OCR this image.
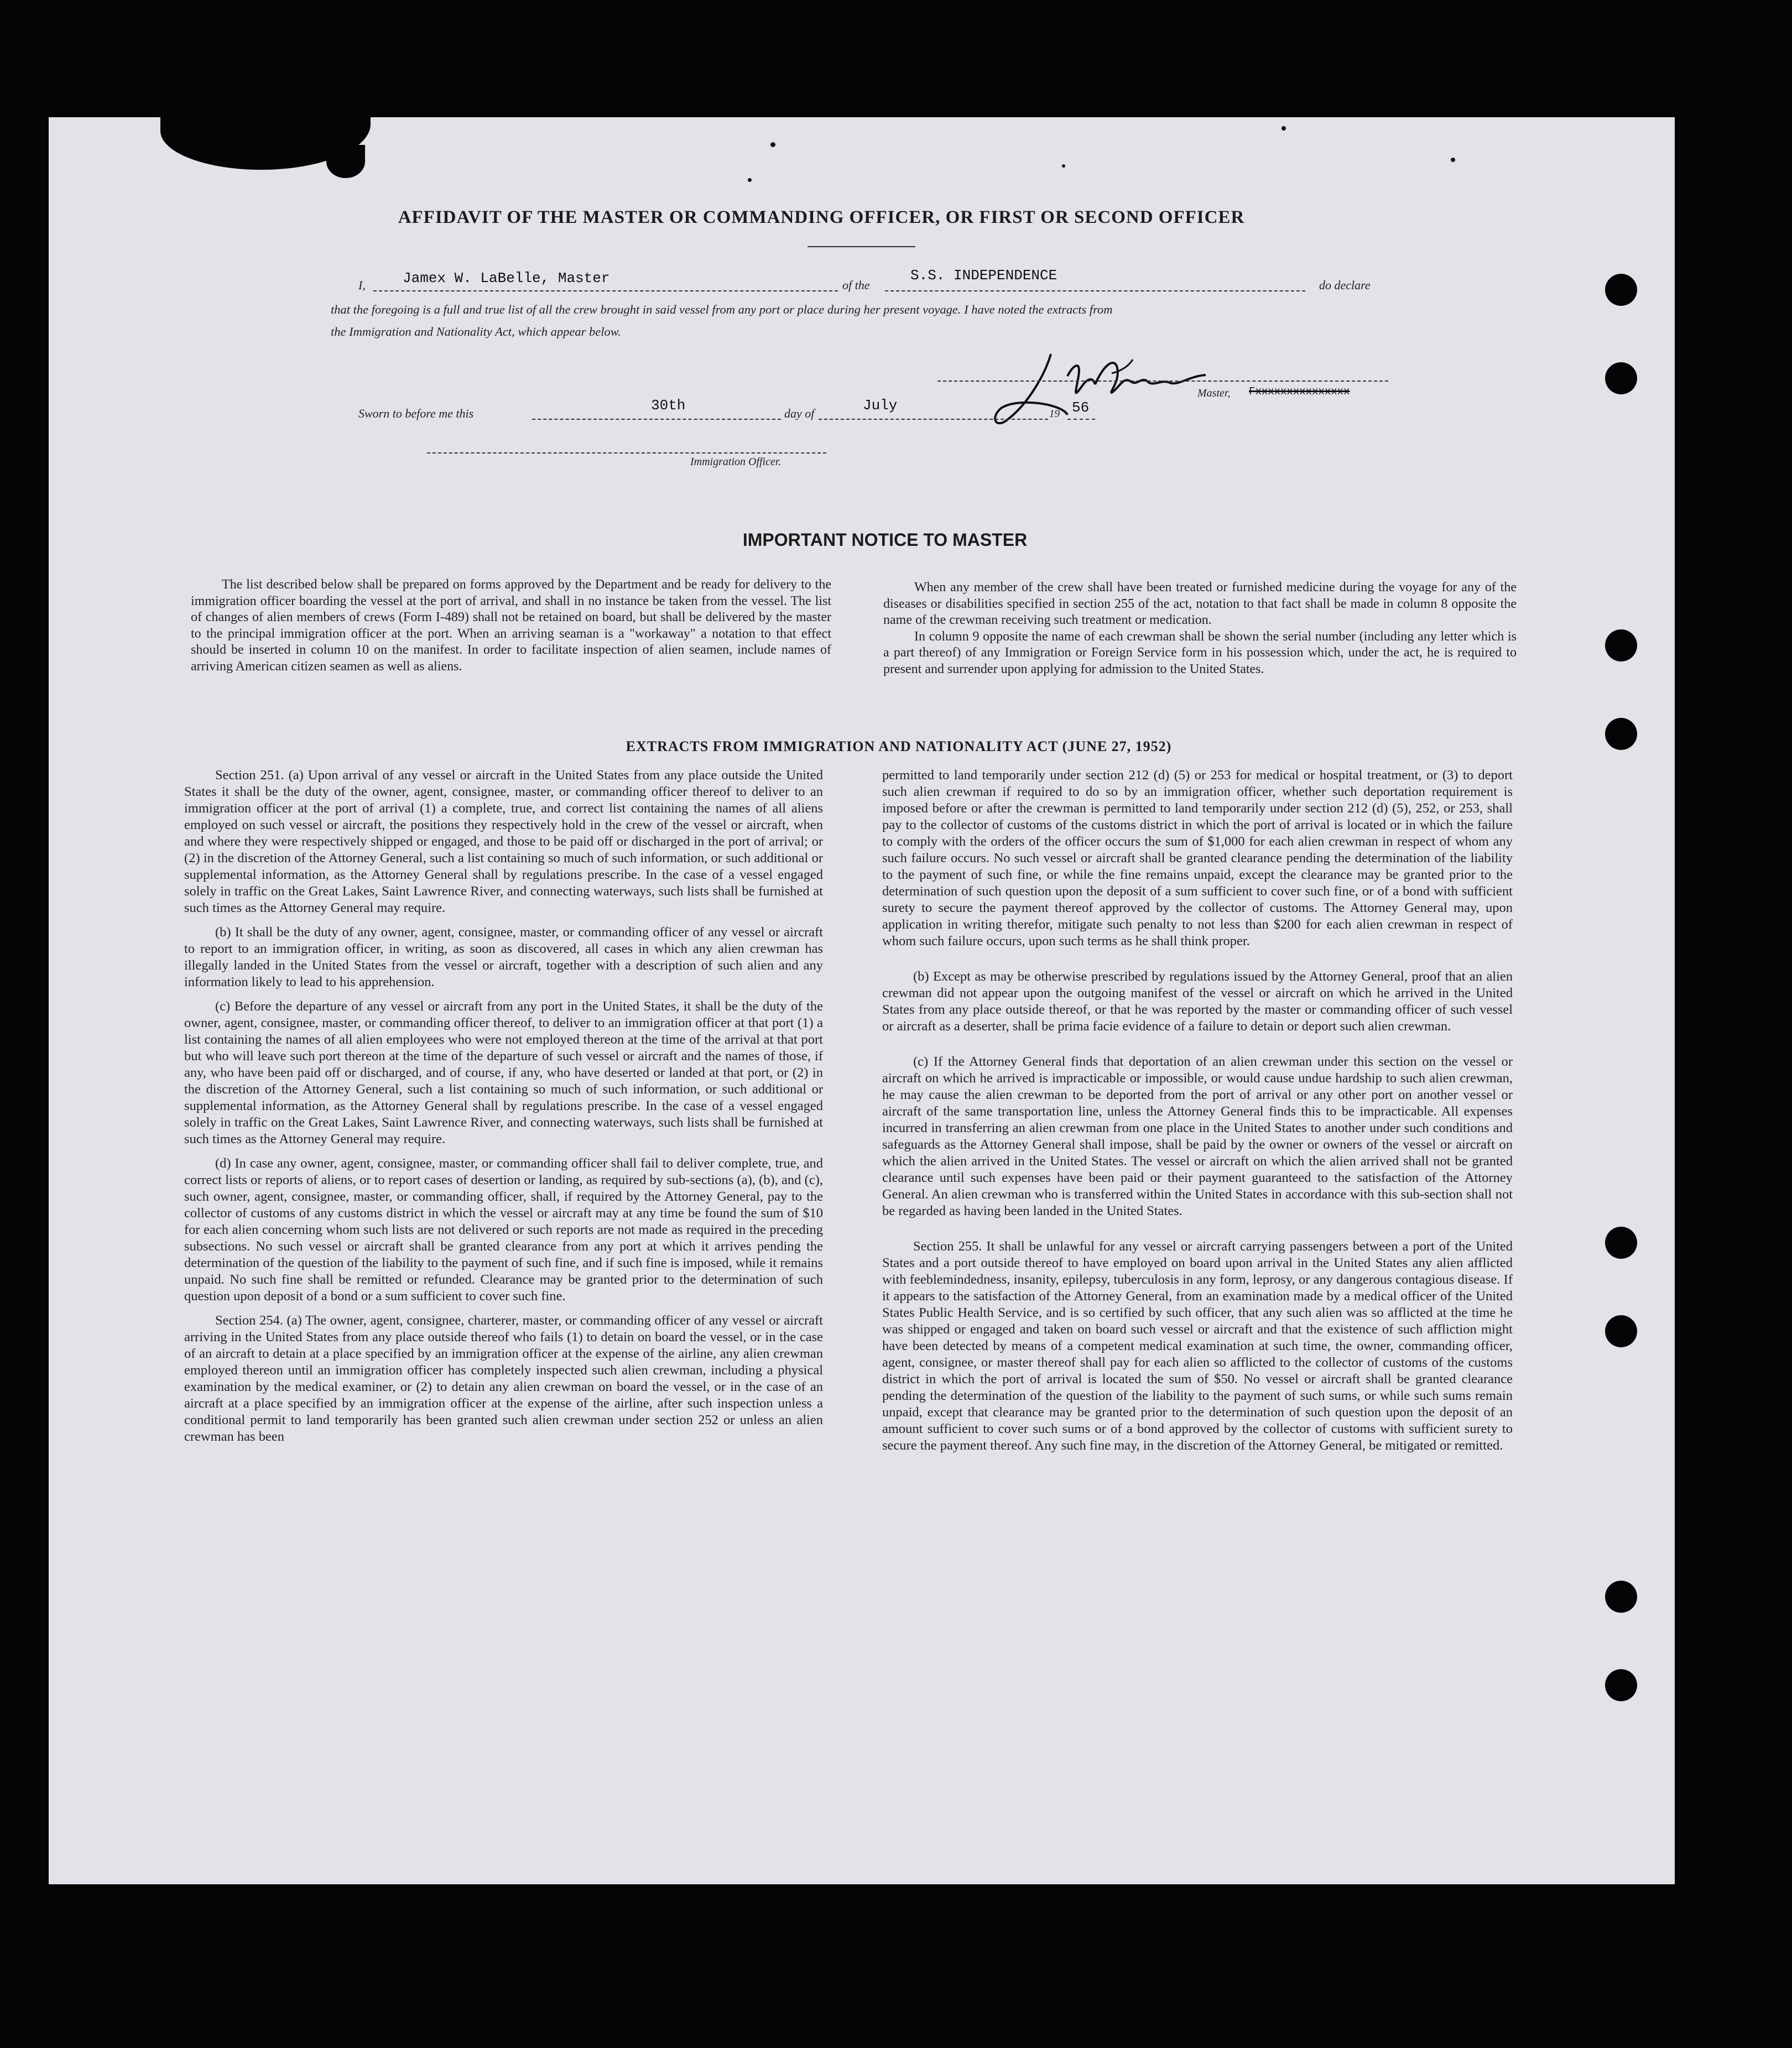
AFFIDAVIT OF THE MASTER OR COMMANDING OFFICER, OR FIRST OR SECOND OFFICER
I,	Jamex W. LaBelle, Master	of the
S.S. INDEPENDENCE
do declare
that the foregoing is a full and true list of all the crew brought in said vessel from any port or place during her present voyage. I have noted the extracts from
the Immigration and Nationality Act, which appear below.
Master, Fxxxxxxxxxxxxxxx
Sworn to before me this	30th	day of	July
19 56
Immigration Officer.
IMPORTANT NOTICE TO MASTER

The list described below shall be prepared on forms approved by the Department and be ready for delivery to the immigration officer boarding the vessel at the port of arrival, and shall in no instance be taken from the vessel. The list of changes of alien members of crews (Form I-489) shall not be retained on board, but shall be delivered by the master to the principal immigration officer at the port. When an arriving seaman is a "workaway" a notation to that effect should be inserted in column 10 on the manifest. In order to facilitate inspection of alien seamen, include names of arriving American citizen seamen as well as aliens.

When any member of the crew shall have been treated or furnished medicine during the voyage for any of the diseases or disabilities specified in section 255 of the act, notation to that fact shall be made in column 8 opposite the name of the crewman receiving such treatment or medication.

In column 9 opposite the name of each crewman shall be shown the serial number (including any letter which is a part thereof) of any Immigration or Foreign Service form in his possession which, under the act, he is required to present and surrender upon applying for admission to the United States.

EXTRACTS FROM IMMIGRATION AND NATIONALITY ACT (JUNE 27, 1952)

Section 251. (a) Upon arrival of any vessel or aircraft in the United States from any place outside the United States it shall be the duty of the owner, agent, consignee, master, or commanding officer thereof to deliver to an immigration officer at the port of arrival (1) a complete, true, and correct list containing the names of all aliens employed on such vessel or aircraft, the positions they respectively hold in the crew of the vessel or aircraft, when and where they were respectively shipped or engaged, and those to be paid off or discharged in the port of arrival; or (2) in the discretion of the Attorney General, such a list containing so much of such information, or such additional or supplemental information, as the Attorney General shall by regulations prescribe. In the case of a vessel engaged solely in traffic on the Great Lakes, Saint Lawrence River, and connecting waterways, such lists shall be furnished at such times as the Attorney General may require.

(b) It shall be the duty of any owner, agent, consignee, master, or commanding officer of any vessel or aircraft to report to an immigration officer, in writing, as soon as discovered, all cases in which any alien crewman has illegally landed in the United States from the vessel or aircraft, together with a description of such alien and any information likely to lead to his apprehension.

(c) Before the departure of any vessel or aircraft from any port in the United States, it shall be the duty of the owner, agent, consignee, master, or commanding officer thereof, to deliver to an immigration officer at that port (1) a list containing the names of all alien employees who were not employed thereon at the time of the arrival at that port but who will leave such port thereon at the time of the departure of such vessel or aircraft and the names of those, if any, who have been paid off or discharged, and of course, if any, who have deserted or landed at that port, or (2) in the discretion of the Attorney General, such a list containing so much of such information, or such additional or supplemental information, as the Attorney General shall by regulations prescribe. In the case of a vessel engaged solely in traffic on the Great Lakes, Saint Lawrence River, and connecting waterways, such lists shall be furnished at such times as the Attorney General may require.

(d) In case any owner, agent, consignee, master, or commanding officer shall fail to deliver complete, true, and correct lists or reports of aliens, or to report cases of desertion or landing, as required by sub-sections (a), (b), and (c), such owner, agent, consignee, master, or commanding officer, shall, if required by the Attorney General, pay to the collector of customs of any customs district in which the vessel or aircraft may at any time be found the sum of $10 for each alien concerning whom such lists are not delivered or such reports are not made as required in the preceding subsections. No such vessel or aircraft shall be granted clearance from any port at which it arrives pending the determination of the question of the liability to the payment of such fine, and if such fine is imposed, while it remains unpaid. No such fine shall be remitted or refunded. Clearance may be granted prior to the determination of such question upon deposit of a bond or a sum sufficient to cover such fine.

Section 254. (a) The owner, agent, consignee, charterer, master, or commanding officer of any vessel or aircraft arriving in the United States from any place outside thereof who fails (1) to detain on board the vessel, or in the case of an aircraft to detain at a place specified by an immigration officer at the expense of the airline, any alien crewman employed thereon until an immigration officer has completely inspected such alien crewman, including a physical examination by the medical examiner, or (2) to detain any alien crewman on board the vessel, or in the case of an aircraft at a place specified by an immigration officer at the expense of the airline, after such inspection unless a conditional permit to land temporarily has been granted such alien crewman under section 252 or unless an alien crewman has been

permitted to land temporarily under section 212 (d) (5) or 253 for medical or hospital treatment, or (3) to deport such alien crewman if required to do so by an immigration officer, whether such deportation requirement is imposed before or after the crewman is permitted to land temporarily under section 212 (d) (5), 252, or 253, shall pay to the collector of customs of the customs district in which the port of arrival is located or in which the failure to comply with the orders of the officer occurs the sum of $1,000 for each alien crewman in respect of whom any such failure occurs. No such vessel or aircraft shall be granted clearance pending the determination of the liability to the payment of such fine, or while the fine remains unpaid, except the clearance may be granted prior to the determination of such question upon the deposit of a sum sufficient to cover such fine, or of a bond with sufficient surety to secure the payment thereof approved by the collector of customs. The Attorney General may, upon application in writing therefor, mitigate such penalty to not less than $200 for each alien crewman in respect of whom such failure occurs, upon such terms as he shall think proper.

(b) Except as may be otherwise prescribed by regulations issued by the Attorney General, proof that an alien crewman did not appear upon the outgoing manifest of the vessel or aircraft on which he arrived in the United States from any place outside thereof, or that he was reported by the master or commanding officer of such vessel or aircraft as a deserter, shall be prima facie evidence of a failure to detain or deport such alien crewman.

(c) If the Attorney General finds that deportation of an alien crewman under this section on the vessel or aircraft on which he arrived is impracticable or impossible, or would cause undue hardship to such alien crewman, he may cause the alien crewman to be deported from the port of arrival or any other port on another vessel or aircraft of the same transportation line, unless the Attorney General finds this to be impracticable. All expenses incurred in transferring an alien crewman from one place in the United States to another under such conditions and safeguards as the Attorney General shall impose, shall be paid by the owner or owners of the vessel or aircraft on which the alien arrived in the United States. The vessel or aircraft on which the alien arrived shall not be granted clearance until such expenses have been paid or their payment guaranteed to the satisfaction of the Attorney General. An alien crewman who is transferred within the United States in accordance with this sub-section shall not be regarded as having been landed in the United States.

Section 255. It shall be unlawful for any vessel or aircraft carrying passengers between a port of the United States and a port outside thereof to have employed on board upon arrival in the United States any alien afflicted with feeblemindedness, insanity, epilepsy, tuberculosis in any form, leprosy, or any dangerous contagious disease. If it appears to the satisfaction of the Attorney General, from an examination made by a medical officer of the United States Public Health Service, and is so certified by such officer, that any such alien was so afflicted at the time he was shipped or engaged and taken on board such vessel or aircraft and that the existence of such affliction might have been detected by means of a competent medical examination at such time, the owner, commanding officer, agent, consignee, or master thereof shall pay for each alien so afflicted to the collector of customs of the customs district in which the port of arrival is located the sum of $50. No vessel or aircraft shall be granted clearance pending the determination of the question of the liability to the payment of such sums, or while such sums remain unpaid, except that clearance may be granted prior to the determination of such question upon the deposit of an amount sufficient to cover such sums or of a bond approved by the collector of customs with sufficient surety to secure the payment thereof. Any such fine may, in the discretion of the Attorney General, be mitigated or remitted.
